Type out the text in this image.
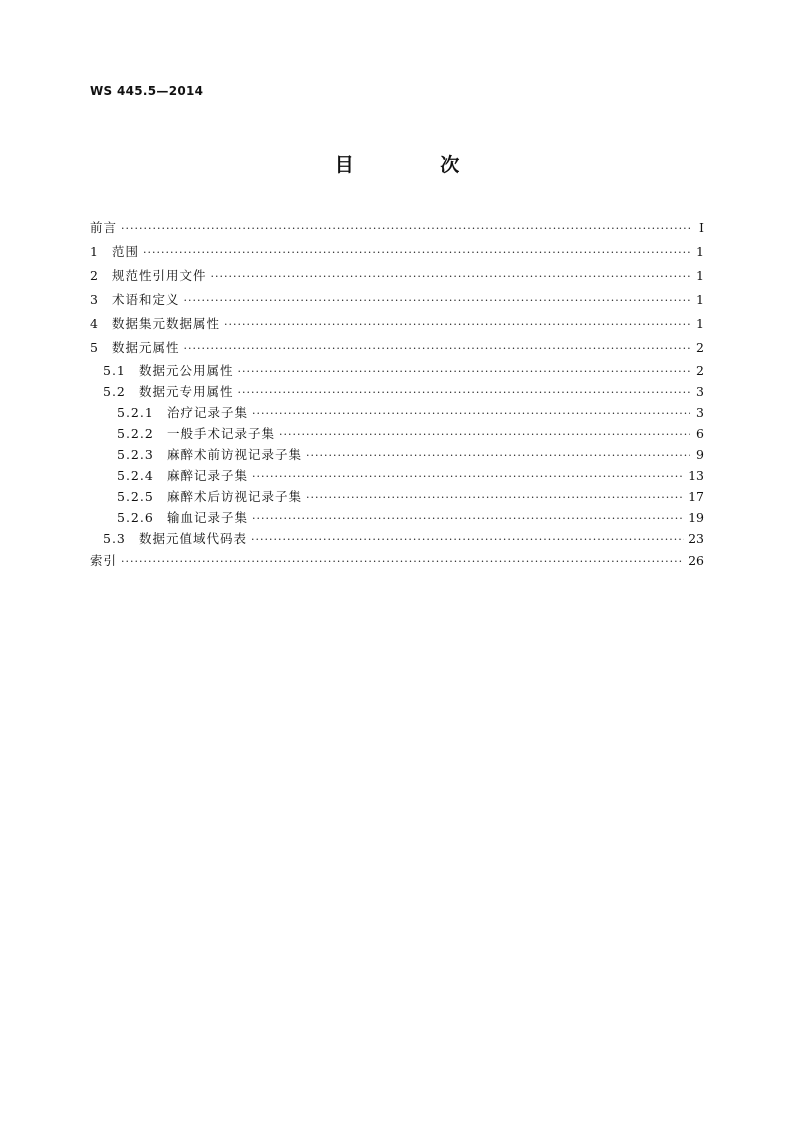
WS 445.5—2014
目 次
前言 ·····	Ⅰ
1	范围 ·····	1
2	规范性引用文件 ·····	1
3	术语和定义 ·····	1
4	数据集元数据属性 ·····	1
5	数据元属性 ·····	2
5.1	数据元公用属性 ·····	2
5.2	数据元专用属性 ·····	3
5.2.1	治疗记录子集 ·····	3
5.2.2	一般手术记录子集 ·····	6
5.2.3	麻醉术前访视记录子集 ·····	9
5.2.4	麻醉记录子集 ·····	13
5.2.5	麻醉术后访视记录子集 ·····	17
5.2.6	输血记录子集 ·····	19
5.3	数据元值域代码表 ·····	23
索引 ·····	26
